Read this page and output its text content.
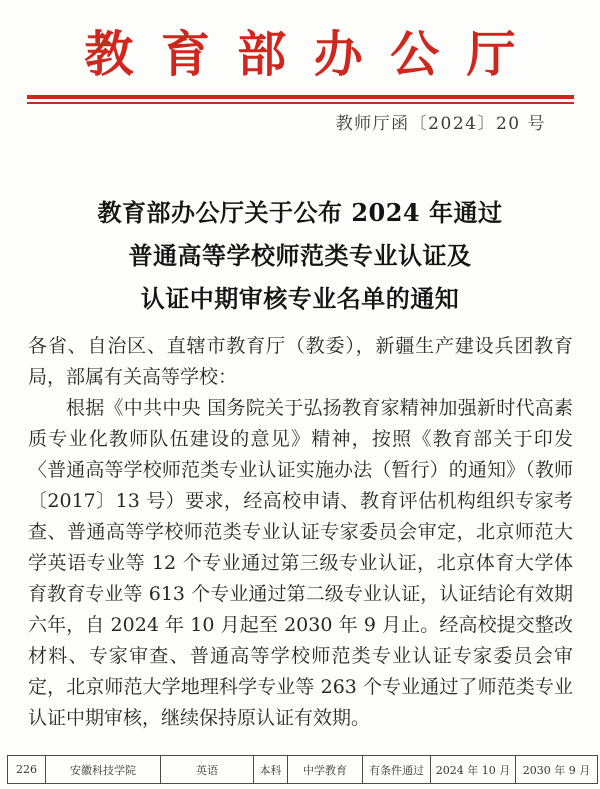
教育部办公厅
教师厅函〔2024〕20 号
教育部办公厅关于公布 2024 年通过
普通高等学校师范类专业认证及
认证中期审核专业名单的通知

各省、自治区、直辖市教育厅（教委），新疆生产建设兵团教育局，部属有关高等学校：

根据《中共中央 国务院关于弘扬教育家精神加强新时代高素质专业化教师队伍建设的意见》精神，按照《教育部关于印发〈普通高等学校师范类专业认证实施办法（暂行）的通知》（教师〔2017〕13 号）要求，经高校申请、教育评估机构组织专家考查、普通高等学校师范类专业认证专家委员会审定，北京师范大学英语专业等 12 个专业通过第三级专业认证，北京体育大学体育教育专业等 613 个专业通过第二级专业认证，认证结论有效期六年，自 2024 年 10 月起至 2030 年 9 月止。经高校提交整改材料、专家审查、普通高等学校师范类专业认证专家委员会审定，北京师范大学地理科学专业等 263 个专业通过了师范类专业认证中期审核，继续保持原认证有效期。

226	安徽科技学院	英语	本科	中学教育	有条件通过	2024 年 10 月	2030 年 9 月
